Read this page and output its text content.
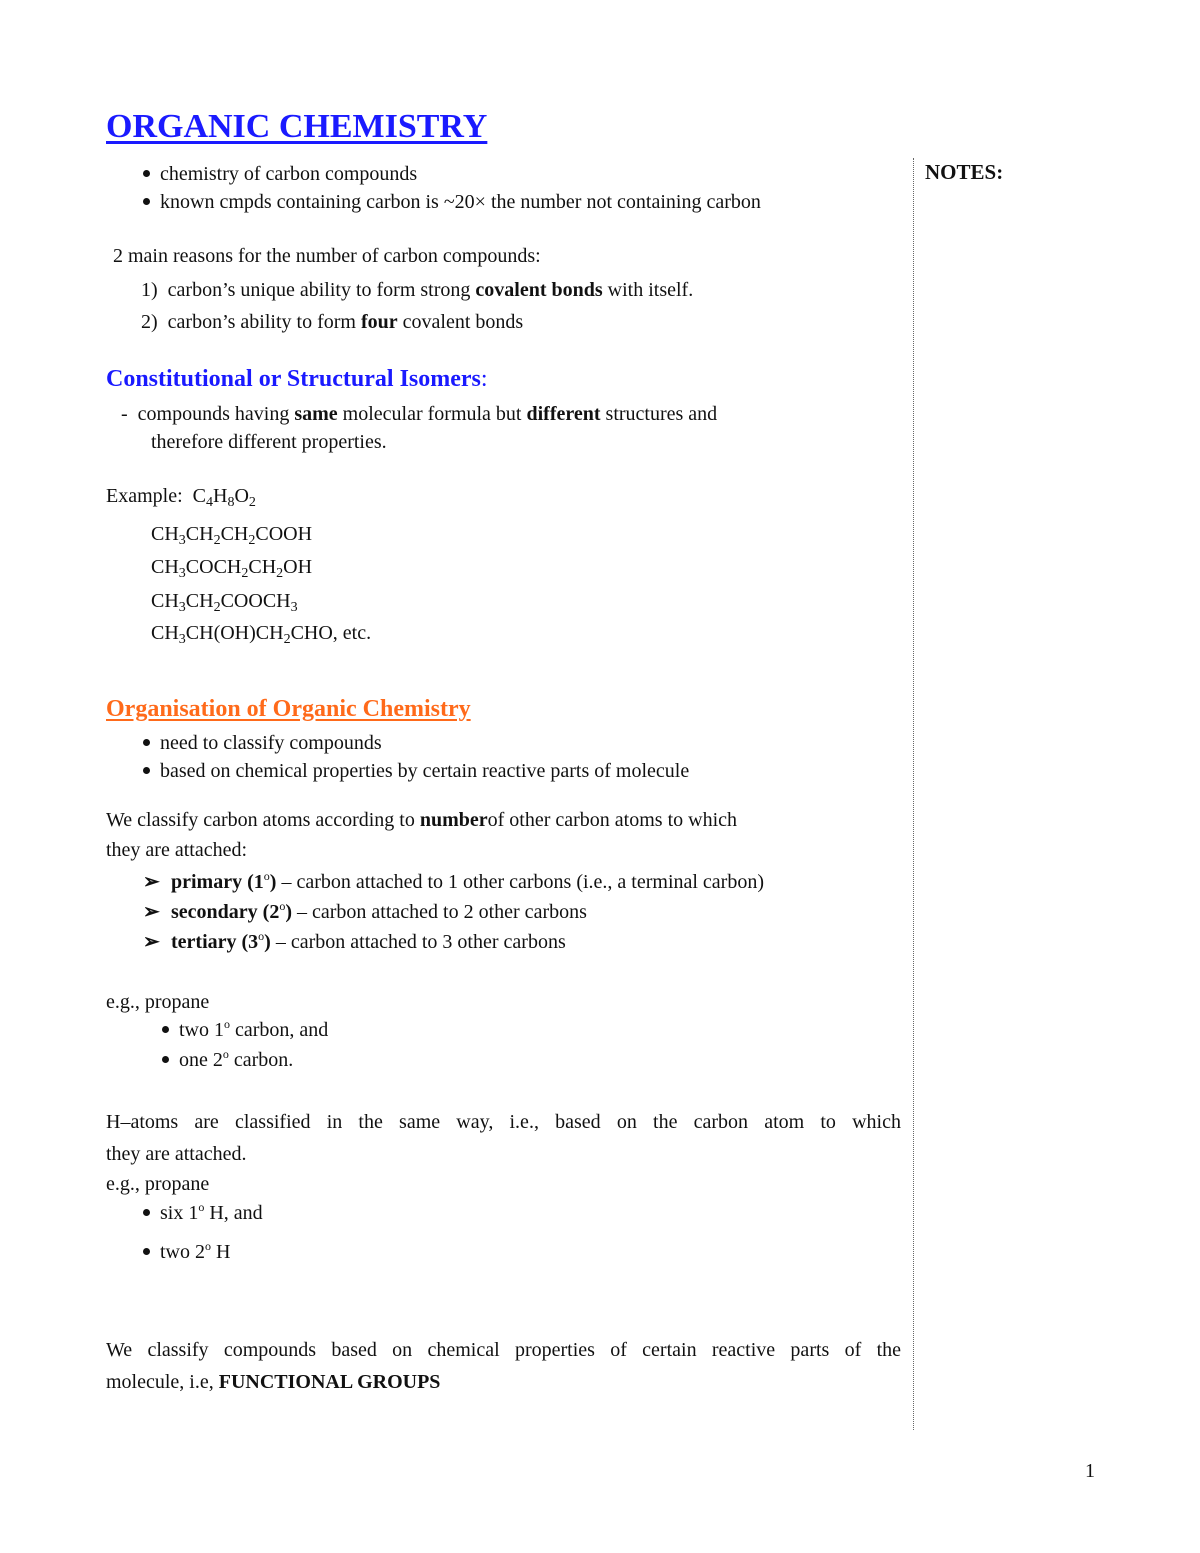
ORGANIC CHEMISTRY
NOTES:
chemistry of carbon compounds
known cmpds containing carbon is ~20× the number not containing carbon
2 main reasons for the number of carbon compounds:
1) carbon’s unique ability to form strong covalent bonds with itself.
2) carbon’s ability to form four covalent bonds
Constitutional or Structural Isomers:
- compounds having same molecular formula but different structures and
therefore different properties.
Example: $C_4H_8O_2$
$CH_3CH_2CH_2COOH$
$CH_3COCH_2CH_2OH$
$CH_3CH_2COOCH_3$
$CH_3CH(OH)CH_2CHO$, etc.
Organisation of Organic Chemistry
need to classify compounds
based on chemical properties by certain reactive parts of molecule
We classify carbon atoms according to numberof other carbon atoms to which
they are attached:
➢ primary (1$^o$) – carbon attached to 1 other carbons (i.e., a terminal carbon)
➢ secondary (2$^o$) – carbon attached to 2 other carbons
➢ tertiary (3$^o$) – carbon attached to 3 other carbons
e.g., propane
two 1$^o$ carbon, and
one 2$^o$ carbon.
H–atoms are classified in the same way, i.e., based on the carbon atom to which
they are attached.
e.g., propane
six 1$^o$ H, and
two 2$^o$ H
We classify compounds based on chemical properties of certain reactive parts of the
molecule, i.e, FUNCTIONAL GROUPS
1
